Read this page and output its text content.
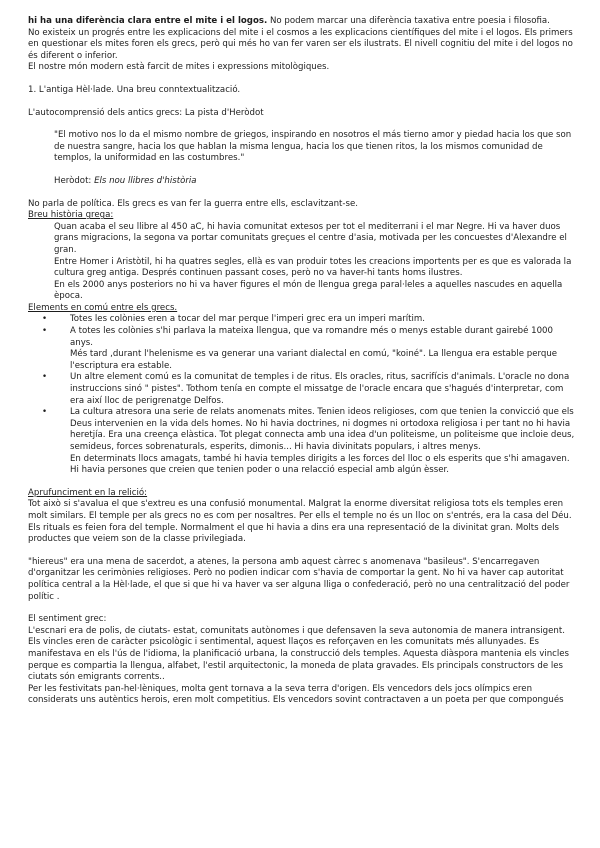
hi ha una diferència clara entre el mite i el logos. No podem marcar una diferència taxativa entre poesia i filosofia.

No existeix un progrés entre les explicacions del mite i el cosmos a les explicacions científiques del mite i el logos. Els primers en questionar els mites foren els grecs, però qui més ho van fer varen ser els ilustrats. El nivell cognitiu del mite i del logos no és diferent o inferior.

El nostre món modern està farcit de mites i expressions mitològiques.

1. L'antiga Hèl·lade. Una breu conntextualització.

L'autocomprensió dels antics grecs: La pista d'Heròdot

"El motivo nos lo da el mismo nombre de griegos, inspirando en nosotros el más tierno amor y piedad hacia los que son de nuestra sangre, hacia los que hablan la misma lengua, hacia los que tienen ritos, la los mismos comunidad de templos, la uniformidad en las costumbres."

Heròdot: Els nou llibres d'història

No parla de política. Els grecs es van fer la guerra entre ells, esclavitzant-se.

Breu història grega:

Quan acaba el seu llibre al 450 aC, hi havia comunitat extesos per tot el mediterrani i el mar Negre. Hi va haver duos grans migracions, la segona va portar comunitats greçues el centre d'asia, motivada per les concuestes d'Alexandre el gran.

Entre Homer i Aristòtil, hi ha quatres segles, ellà es van produir totes les creacions importents per es que es valorada la cultura greg antiga. Després continuen passant coses, però no va haver-hi tants homs ilustres.

En els 2000 anys posteriors no hi va haver figures el món de llengua grega paral·leles a aquelles nascudes en aquella època.

Elements en comú entre els grecs.

•	Totes les colònies eren a tocar del mar perque l'imperi grec era un imperi marítim.
•	A totes les colònies s'hi parlava la mateixa llengua, que va romandre més o menys estable durant gairebé 1000 anys.

Més tard ,durant l'helenisme es va generar una variant dialectal en comú, "koiné". La llengua era estable perque l'escriptura era estable.

•	Un altre element comú es la comunitat de temples i de ritus. Els oracles, ritus, sacrifícis d'animals. L'oracle no dona instruccions sinó " pistes". Tothom tenía en compte el missatge de l'oracle encara que s'hagués d'interpretar, com era així lloc de perigrenatge Delfos.
•	La cultura atresora una serie de relats anomenats mites. Tenien ideos religioses, com que tenien la convicció que els Deus intervenien en la vida dels homes. No hi havia doctrines, ni dogmes ni ortodoxa religiosa i per tant no hi havia heretjía. Era una creença elàstica. Tot plegat connecta amb una idea d'un politeisme, un politeisme que incloie deus, semideus, forces sobrenaturals, esperits, dimonis... Hi havia divinitats populars, i altres menys.

En determinats llocs amagats, també hi havia temples dirigits a les forces del lloc o els esperits que s'hi amagaven. Hi havia persones que creien que tenien poder o una relacció especial amb algún èsser.

Aprufunciment en la relició:

Tot això si s'avalua el que s'extreu es una confusió monumental. Malgrat la enorme diversitat religiosa tots els temples eren molt similars. El temple per als grecs no es com per nosaltres. Per ells el temple no és un lloc on s'entrés, era la casa del Déu. Els rituals es feien fora del temple. Normalment el que hi havia a dins era una representació de la divinitat gran. Molts dels productes que veiem son de la classe privilegiada.

"hiereus" era una mena de sacerdot, a atenes, la persona amb aquest càrrec s anomenava "basileus". S'encarregaven d'organitzar les cerimònies religioses. Però no podien indicar com s'havia de comportar la gent. No hi va haver cap autoritat política central a la Hèl·lade, el que si que hi va haver va ser alguna lliga o confederació, però no una centralització del poder polític .

El sentiment grec:

L'escnari era de polis, de ciutats- estat, comunitats autònomes i que defensaven la seva autonomia de manera intransigent. Els vincles eren de caràcter psicològic i sentimental, aquest llaços es reforçaven en les comunitats més allunyades. Es manifestava en els l'ús de l'idioma, la planificació urbana, la construcció dels temples. Aquesta diàspora mantenia els vincles perque es compartia la llengua, alfabet, l'estil arquitectonic, la moneda de plata gravades. Els principals constructors de les ciutats són emigrants corrents..

Per les festivitats pan-hel·lèniques, molta gent tornava a la seva terra d'origen. Els vencedors dels jocs olímpics eren considerats uns autèntics herois, eren molt competitius. Els vencedors sovint contractaven a un poeta per que compongués
